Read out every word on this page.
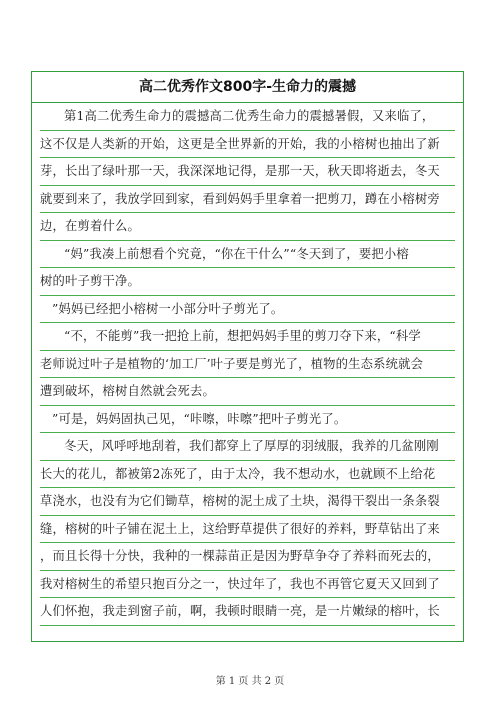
高二优秀作文800字-生命力的震撼
第1高二优秀生命力的震撼高二优秀生命力的震撼暑假，又来临了，
这不仅是人类新的开始，这更是全世界新的开始，我的小榕树也抽出了新
芽，长出了绿叶那一天，我深深地记得，是那一天，秋天即将逝去，冬天
就要到来了，我放学回到家，看到妈妈手里拿着一把剪刀，蹲在小榕树旁
边，在剪着什么。
“妈”我凑上前想看个究竟，“你在干什么”“冬天到了，要把小榕
树的叶子剪干净。
”妈妈已经把小榕树一小部分叶子剪光了。
“不，不能剪”我一把抢上前，想把妈妈手里的剪刀夺下来，“科学
老师说过叶子是植物的‘加工厂’叶子要是剪光了，植物的生态系统就会
遭到破坏，榕树自然就会死去。
”可是，妈妈固执己见，“咔嚓，咔嚓”把叶子剪光了。
冬天，风呼呼地刮着，我们都穿上了厚厚的羽绒服，我养的几盆刚刚
长大的花儿，都被第2冻死了，由于太冷，我不想动水，也就顾不上给花
草浇水，也没有为它们锄草，榕树的泥土成了土块，渴得干裂出一条条裂
缝，榕树的叶子铺在泥土上，这给野草提供了很好的养料，野草钻出了来
，而且长得十分快，我种的一棵蒜苗正是因为野草争夺了养料而死去的，
我对榕树生的希望只抱百分之一，快过年了，我也不再管它夏天又回到了
人们怀抱，我走到窗子前，啊，我顿时眼睛一亮，是一片嫩绿的榕叶，长
第 1 页 共 2 页
